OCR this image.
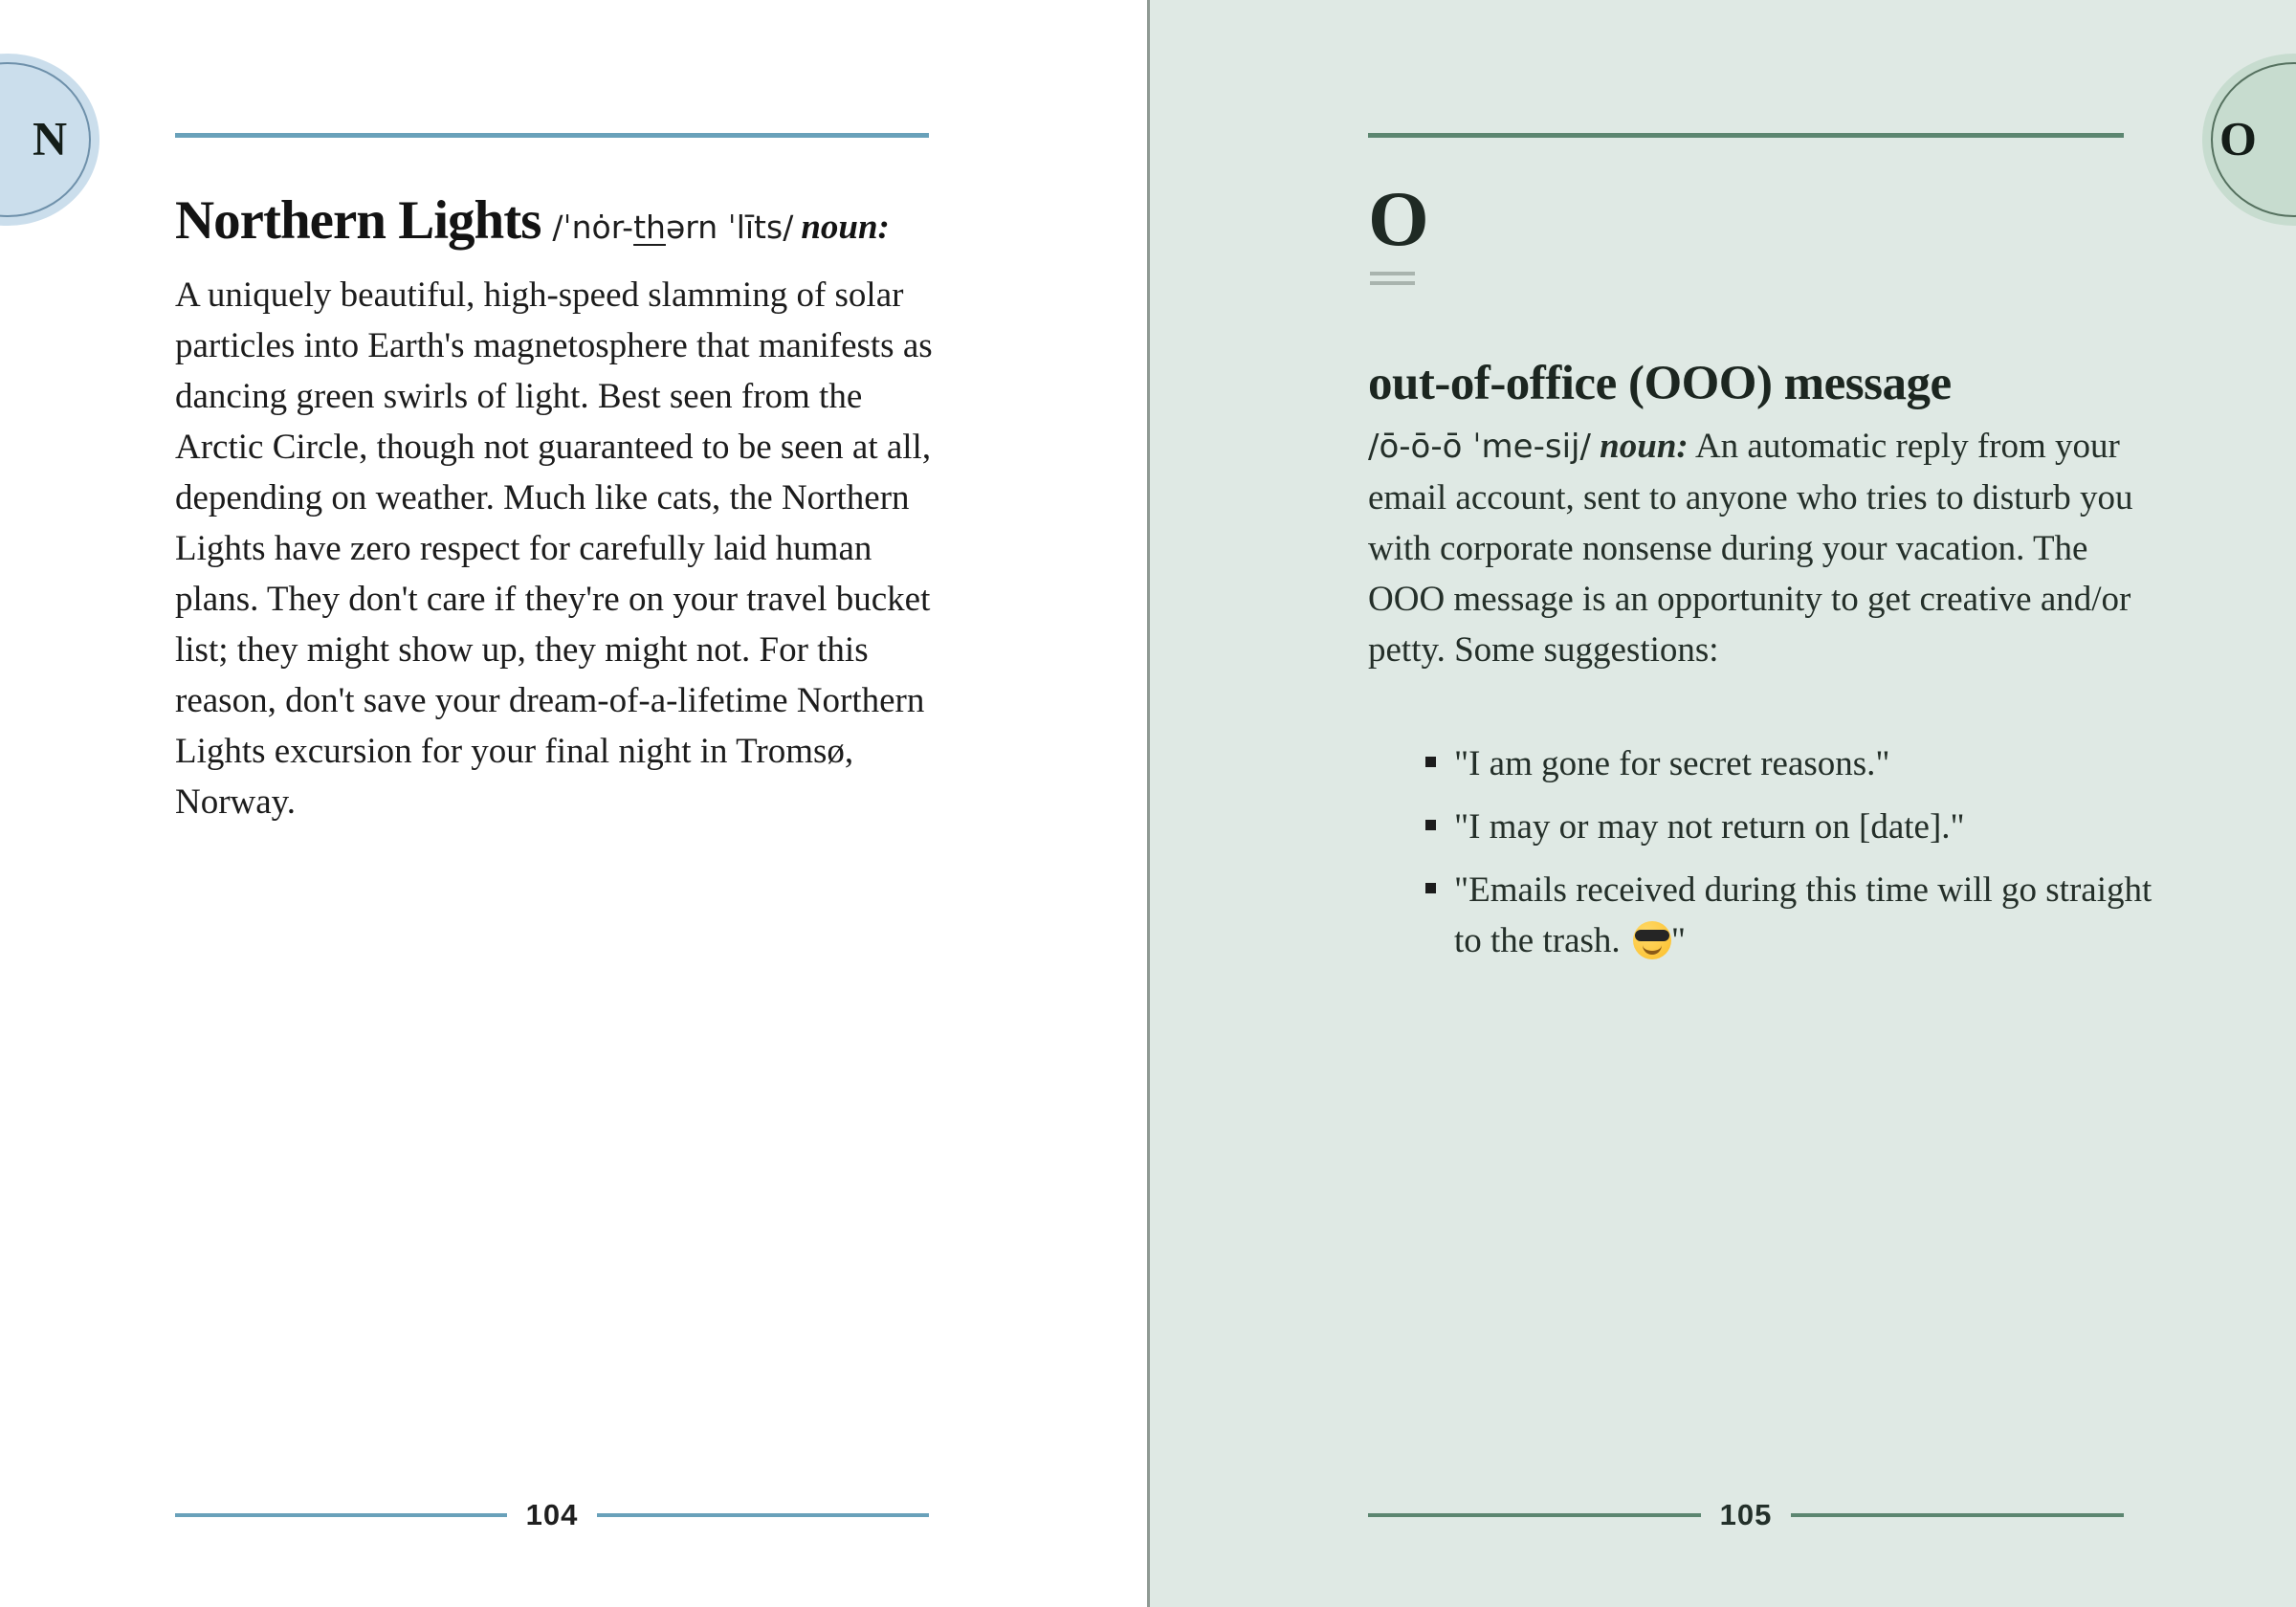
N
Northern Lights /ˈnȯr-thərn ˈlīts/ noun:

A uniquely beautiful, high-speed slamming of solar particles into Earth's magnetosphere that manifests as dancing green swirls of light. Best seen from the Arctic Circle, though not guaranteed to be seen at all, depending on weather. Much like cats, the Northern Lights have zero respect for carefully laid human plans. They don't care if they're on your travel bucket list; they might show up, they might not. For this reason, don't save your dream-of-a-lifetime Northern Lights excursion for your final night in Tromsø, Norway.

104
O
O
out-of-office (OOO) message

/ō-ō-ō ˈme-sij/ noun: An automatic reply from your email account, sent to anyone who tries to disturb you with corporate nonsense during your vacation. The OOO message is an opportunity to get creative and/or petty. Some suggestions:

"I am gone for secret reasons."
"I may or may not return on [date]."
"Emails received during this time will go straight to the trash.
"
105
